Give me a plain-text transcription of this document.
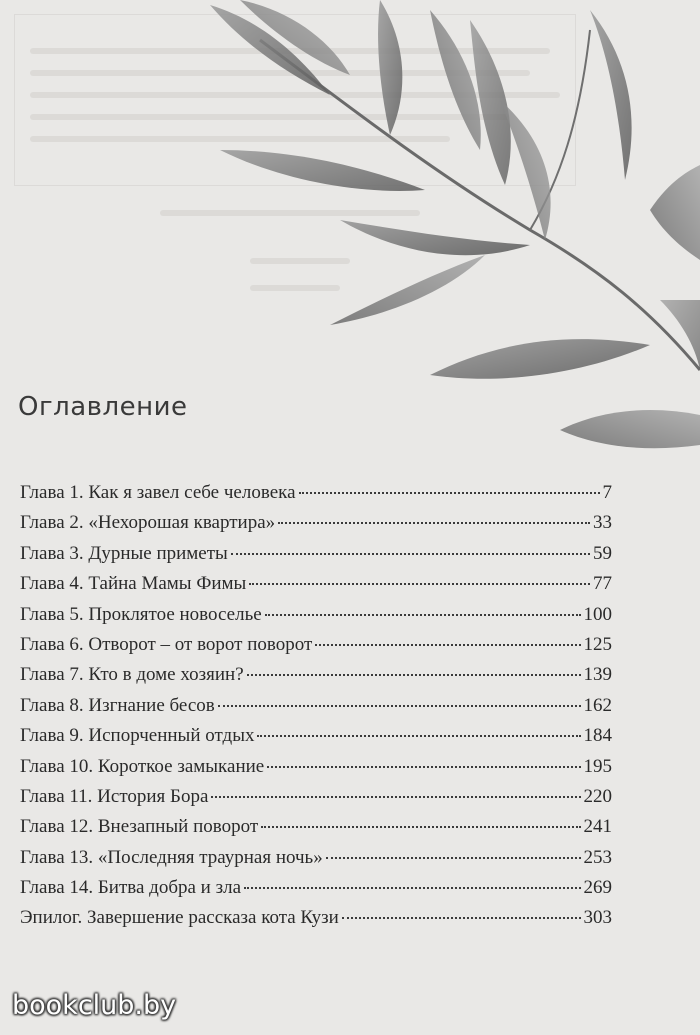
Оглавление
Глава 1. Как я завел себе человека	7
Глава 2. «Нехорошая квартира»	33
Глава 3. Дурные приметы	59
Глава 4. Тайна Мамы Фимы	77
Глава 5. Проклятое новоселье	100
Глава 6. Отворот – от ворот поворот	125
Глава 7. Кто в доме хозяин?	139
Глава 8. Изгнание бесов	162
Глава 9. Испорченный отдых	184
Глава 10. Короткое замыкание	195
Глава 11. История Бора	220
Глава 12. Внезапный поворот	241
Глава 13. «Последняя траурная ночь»	253
Глава 14. Битва добра и зла	269
Эпилог. Завершение рассказа кота Кузи	303
bookclub.by
